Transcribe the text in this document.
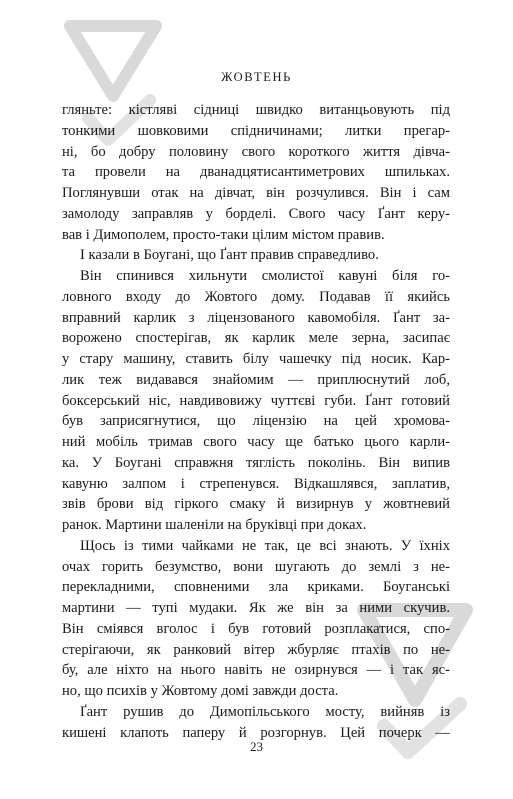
ЖОВТЕНЬ
гляньте: кістляві сідниці швидко витанцьовують під
тонкими шовковими спідничинами; литки прегар-
ні, бо добру половину свого короткого життя дівча-
та провели на дванадцятисантиметрових шпильках.
Поглянувши отак на дівчат, він розчулився. Він і сам
замолоду заправляв у борделі. Свого часу Ґант керу-
вав і Димополем, просто-таки цілим містом правив.
І казали в Боугані, що Ґант правив справедливо.
Він спинився хильнути смолистої кавуні біля го-
ловного входу до Жовтого дому. Подавав її якийсь
вправний карлик з ліцензованого кавомобіля. Ґант за-
ворожено спостерігав, як карлик меле зерна, засипає
у стару машину, ставить білу чашечку під носик. Кар-
лик теж видавався знайомим — приплюснутий лоб,
боксерський ніс, навдивовижу чуттєві губи. Ґант готовий
був заприсягнутися, що ліцензію на цей хромова-
ний мобіль тримав свого часу ще батько цього карли-
ка. У Боугані справжня тяглість поколінь. Він випив
кавуню залпом і стрепенувся. Відкашлявся, заплатив,
звів брови від гіркого смаку й визирнув у жовтневий
ранок. Мартини шаленіли на бруківці при доках.
Щось із тими чайками не так, це всі знають. У їхніх
очах горить безумство, вони шугають до землі з не-
перекладними, сповненими зла криками. Боуганські
мартини — тупі мудаки. Як же він за ними скучив.
Він сміявся вголос і був готовий розплакатися, спо-
стерігаючи, як ранковий вітер жбурляє птахів по не-
бу, але ніхто на нього навіть не озирнувся — і так яс-
но, що психів у Жовтому домі завжди доста.
Ґант рушив до Димопільського мосту, вийняв із
кишені клапоть паперу й розгорнув. Цей почерк —
23
